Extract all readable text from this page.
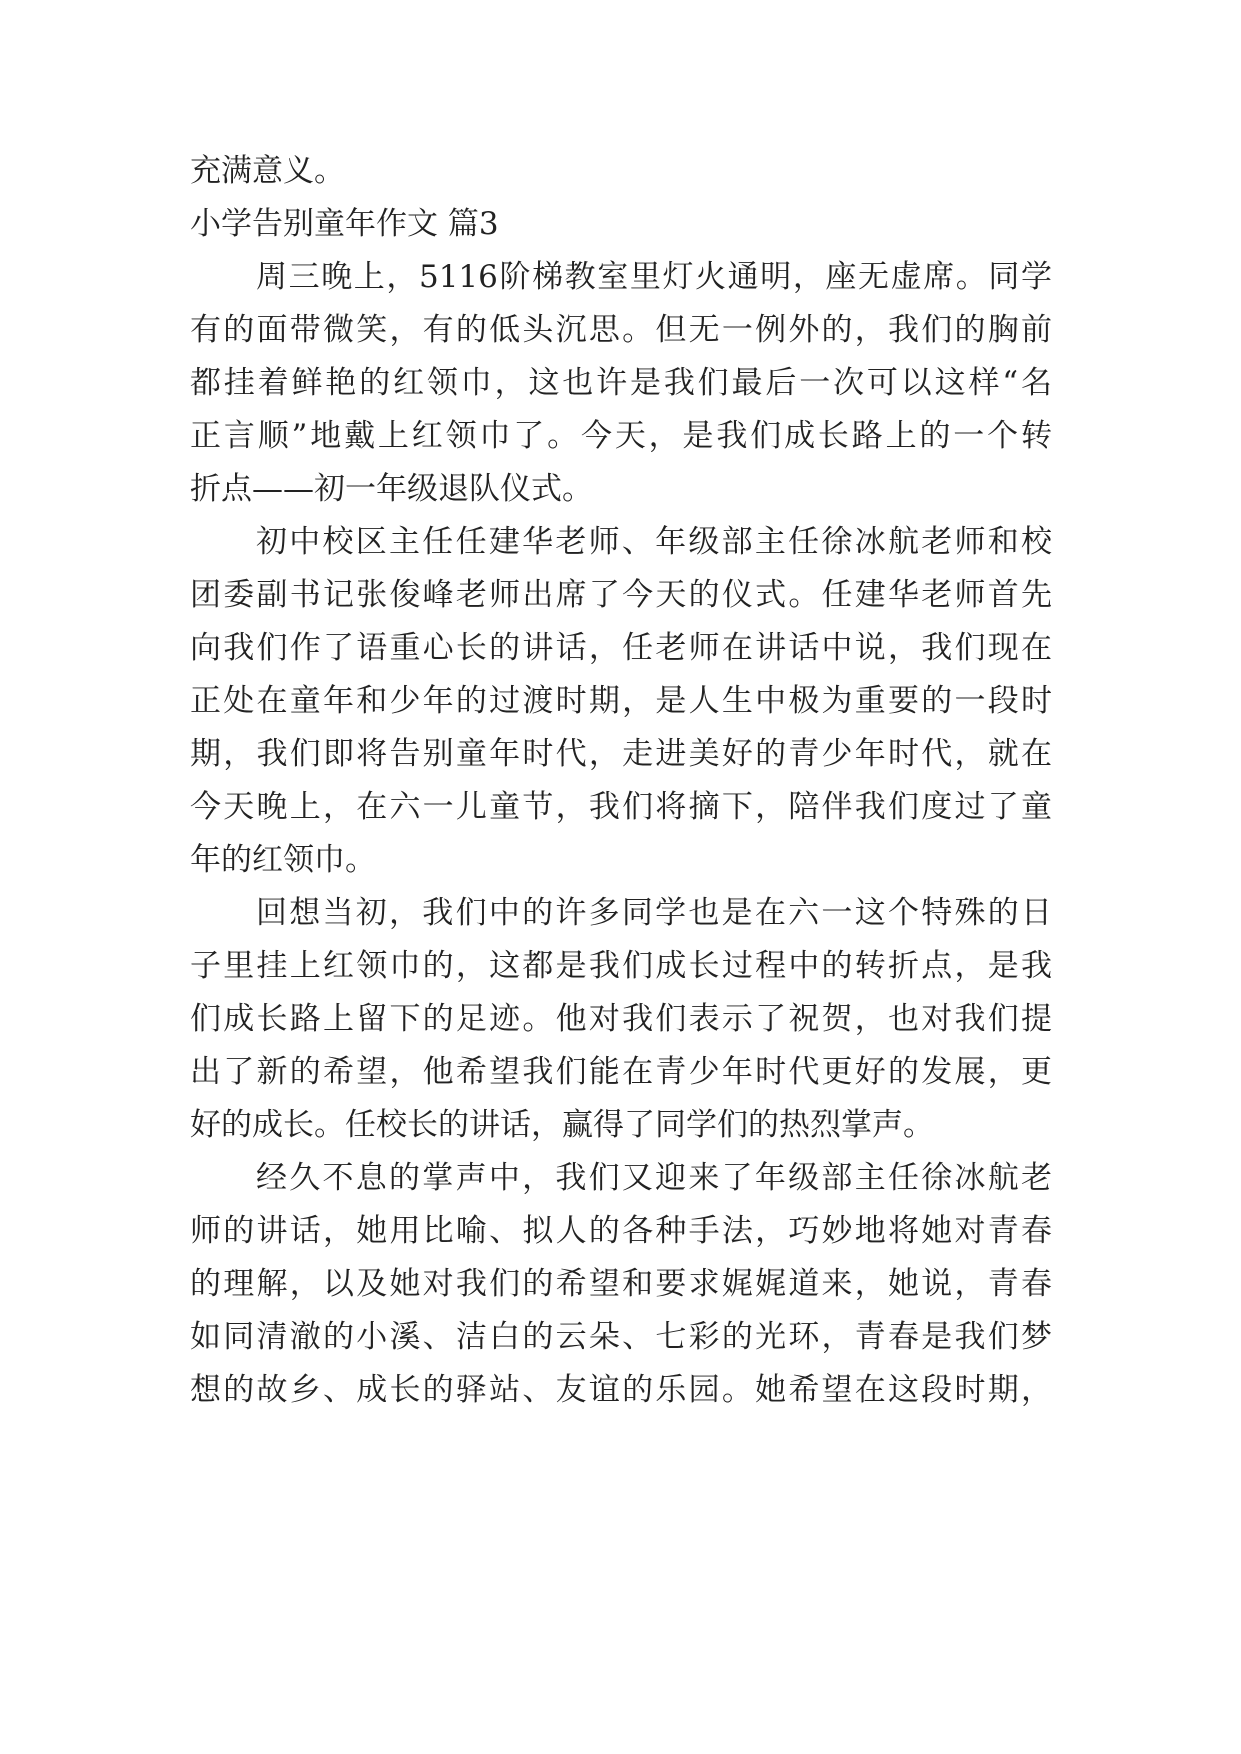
充满意义。
小学告别童年作文 篇3
周三晚上，5116阶梯教室里灯火通明，座无虚席。同学
有的面带微笑，有的低头沉思。但无一例外的，我们的胸前
都挂着鲜艳的红领巾，这也许是我们最后一次可以这样“名
正言顺”地戴上红领巾了。今天，是我们成长路上的一个转
折点——初一年级退队仪式。
初中校区主任任建华老师、年级部主任徐冰航老师和校
团委副书记张俊峰老师出席了今天的仪式。任建华老师首先
向我们作了语重心长的讲话，任老师在讲话中说，我们现在
正处在童年和少年的过渡时期，是人生中极为重要的一段时
期，我们即将告别童年时代，走进美好的青少年时代，就在
今天晚上，在六一儿童节，我们将摘下，陪伴我们度过了童
年的红领巾。
回想当初，我们中的许多同学也是在六一这个特殊的日
子里挂上红领巾的，这都是我们成长过程中的转折点，是我
们成长路上留下的足迹。他对我们表示了祝贺，也对我们提
出了新的希望，他希望我们能在青少年时代更好的发展，更
好的成长。任校长的讲话，赢得了同学们的热烈掌声。
经久不息的掌声中，我们又迎来了年级部主任徐冰航老
师的讲话，她用比喻、拟人的各种手法，巧妙地将她对青春
的理解，以及她对我们的希望和要求娓娓道来，她说，青春
如同清澈的小溪、洁白的云朵、七彩的光环，青春是我们梦
想的故乡、成长的驿站、友谊的乐园。她希望在这段时期，
